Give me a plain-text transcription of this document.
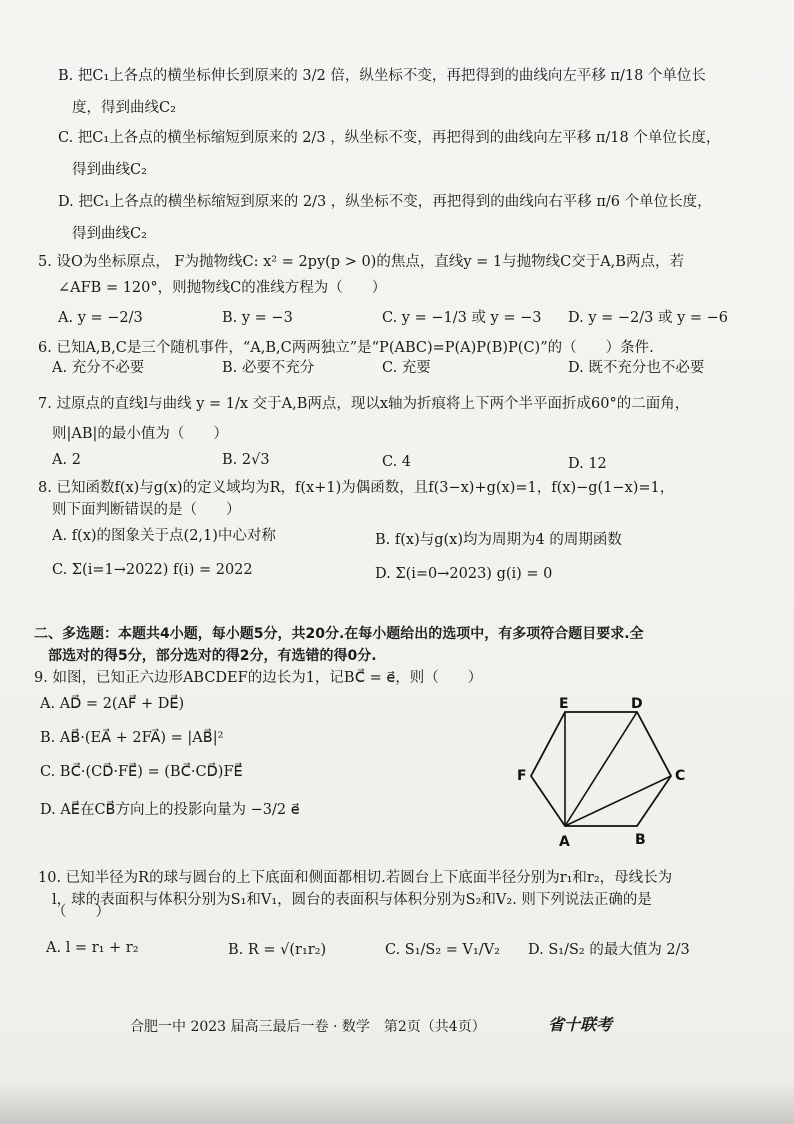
B. 把C₁上各点的横坐标伸长到原来的 3/2 倍，纵坐标不变，再把得到的曲线向左平移 π/18 个单位长
度，得到曲线C₂
C. 把C₁上各点的横坐标缩短到原来的 2/3 ，纵坐标不变，再把得到的曲线向左平移 π/18 个单位长度，
得到曲线C₂
D. 把C₁上各点的横坐标缩短到原来的 2/3 ，纵坐标不变，再把得到的曲线向右平移 π/6 个单位长度，
得到曲线C₂
5. 设O为坐标原点， F为抛物线C: x² = 2py(p > 0)的焦点，直线y = 1与抛物线C交于A,B两点，若
∠AFB = 120°，则抛物线C的准线方程为（　　）
A. y = −2/3	B. y = −3	C. y = −1/3 或 y = −3 D. y = −2/3 或 y = −6
6. 已知A,B,C是三个随机事件，“A,B,C两两独立”是“P(ABC)=P(A)P(B)P(C)”的（　　）条件.
A. 充分不必要	B. 必要不充分	C. 充要	D. 既不充分也不必要
7. 过原点的直线l与曲线 y = 1/x 交于A,B两点，现以x轴为折痕将上下两个半平面折成60°的二面角，
则|AB|的最小值为（　　）
A. 2	B. 2√3	C. 4	D. 12
8. 已知函数f(x)与g(x)的定义域均为R，f(x+1)为偶函数，且f(3−x)+g(x)=1，f(x)−g(1−x)=1，
则下面判断错误的是（　　）
A. f(x)的图象关于点(2,1)中心对称	B. f(x)与g(x)均为周期为4 的周期函数
C. Σ(i=1→2022) f(i) = 2022	D. Σ(i=0→2023) g(i) = 0
二、多选题：本题共4小题，每小题5分，共20分.在每小题给出的选项中，有多项符合题目要求.全
部选对的得5分，部分选对的得2分，有选错的得0分.
9. 如图，已知正六边形ABCDEF的边长为1，记BC⃗ = e⃗，则（　　）
A. AD⃗ = 2(AF⃗ + DE⃗)
B. AB⃗·(EA⃗ + 2FA⃗) = |AB⃗|²
C. BC⃗·(CD⃗·FE⃗) = (BC⃗·CD⃗)FE⃗
D. AE⃗在CB⃗方向上的投影向量为 −3/2 e⃗
E	D
F	C
A	B
10. 已知半径为R的球与圆台的上下底面和侧面都相切.若圆台上下底面半径分别为r₁和r₂，母线长为
l，球的表面积与体积分别为S₁和V₁，圆台的表面积与体积分别为S₂和V₂. 则下列说法正确的是
（　　）
A. l = r₁ + r₂	B. R = √(r₁r₂)	C. S₁/S₂ = V₁/V₂ D. S₁/S₂ 的最大值为 2/3
合肥一中 2023 届高三最后一卷 · 数学　第2页（共4页）	省十联考
